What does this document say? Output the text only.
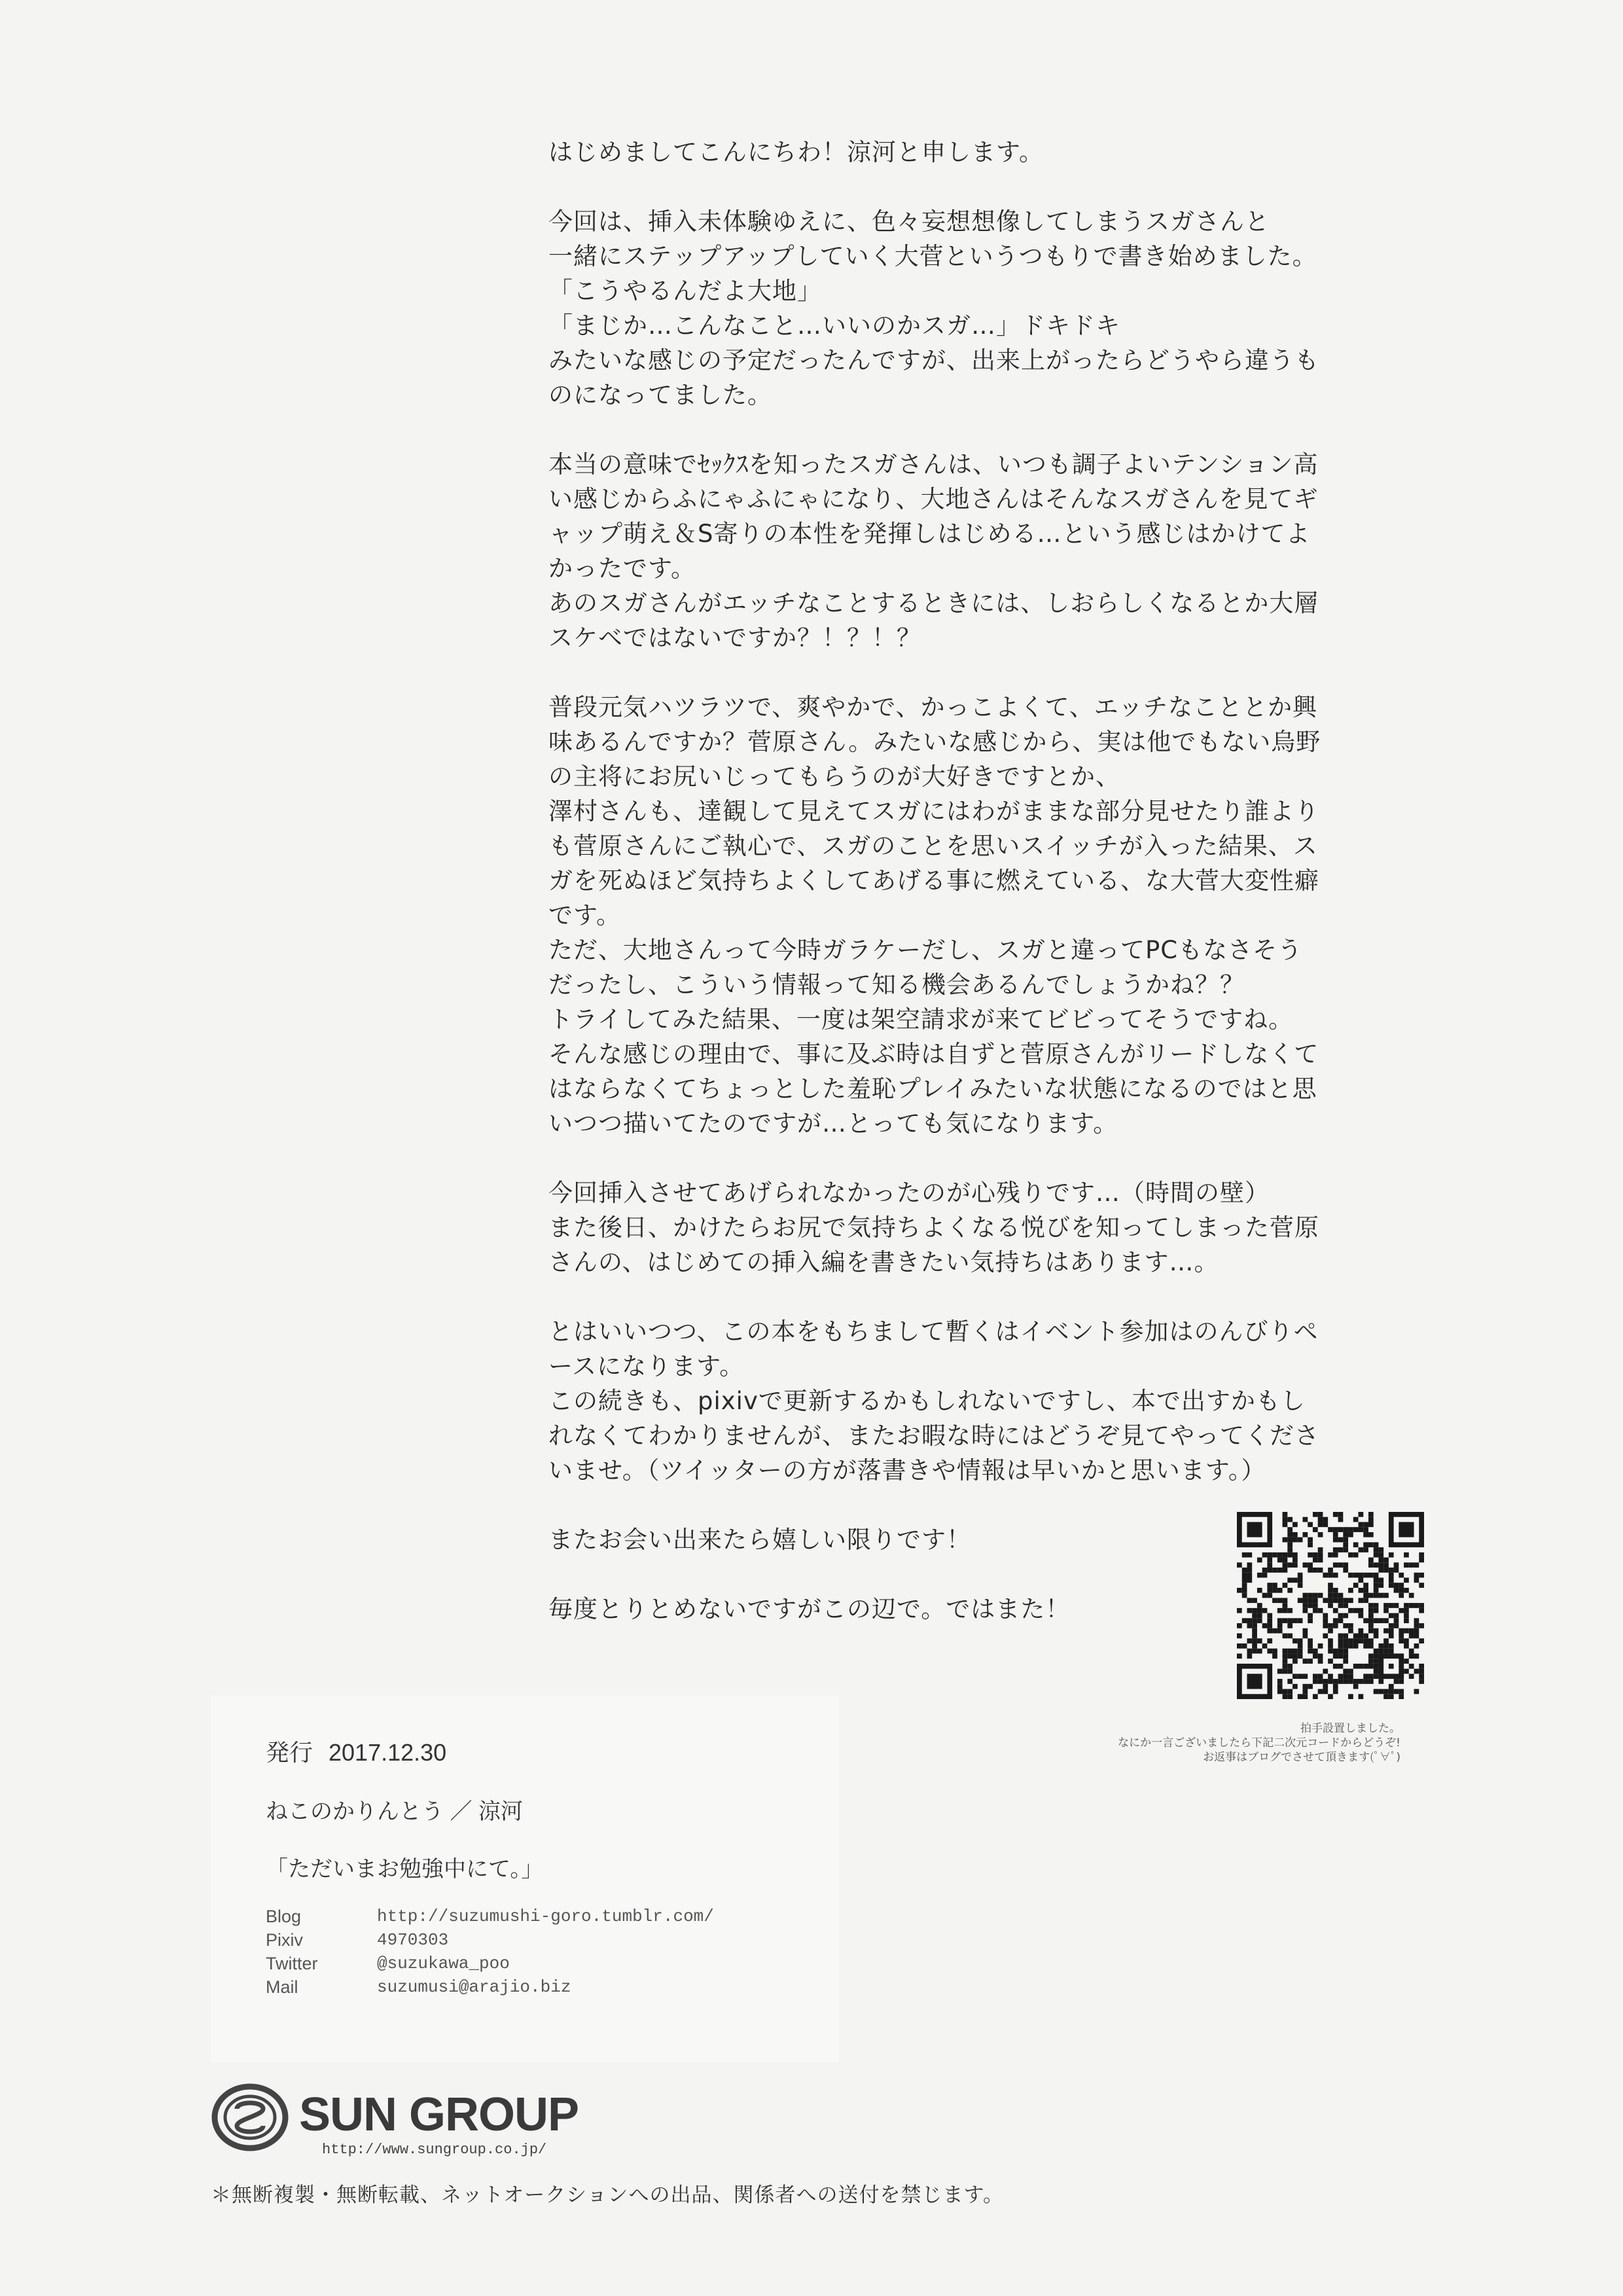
はじめましてこんにちわ！涼河と申します。
今回は、挿入未体験ゆえに、色々妄想想像してしまうスガさんと
一緒にステップアップしていく大菅というつもりで書き始めました。
「こうやるんだよ大地」
「まじか…こんなこと…いいのかスガ…」ドキドキ
みたいな感じの予定だったんですが、出来上がったらどうやら違うも
のになってました。
本当の意味でｾｯｸｽを知ったスガさんは、いつも調子よいテンション高
い感じからふにゃふにゃになり、大地さんはそんなスガさんを見てギ
ャップ萌え＆S寄りの本性を発揮しはじめる…という感じはかけてよ
かったです。
あのスガさんがエッチなことするときには、しおらしくなるとか大層
スケベではないですか？！？！？
普段元気ハツラツで、爽やかで、かっこよくて、エッチなこととか興
味あるんですか？菅原さん。みたいな感じから、実は他でもない烏野
の主将にお尻いじってもらうのが大好きですとか、
澤村さんも、達観して見えてスガにはわがままな部分見せたり誰より
も菅原さんにご執心で、スガのことを思いスイッチが入った結果、ス
ガを死ぬほど気持ちよくしてあげる事に燃えている、な大菅大変性癖
です。
ただ、大地さんって今時ガラケーだし、スガと違ってPCもなさそう
だったし、こういう情報って知る機会あるんでしょうかね？？
トライしてみた結果、一度は架空請求が来てビビってそうですね。
そんな感じの理由で、事に及ぶ時は自ずと菅原さんがリードしなくて
はならなくてちょっとした羞恥プレイみたいな状態になるのではと思
いつつ描いてたのですが…とっても気になります。
今回挿入させてあげられなかったのが心残りです…（時間の壁）
また後日、かけたらお尻で気持ちよくなる悦びを知ってしまった菅原
さんの、はじめての挿入編を書きたい気持ちはあります…。
とはいいつつ、この本をもちまして暫くはイベント参加はのんびりペ
ースになります。
この続きも、pixivで更新するかもしれないですし、本で出すかもし
れなくてわかりませんが、またお暇な時にはどうぞ見てやってくださ
いませ。（ツイッターの方が落書きや情報は早いかと思います。）
またお会い出来たら嬉しい限りです！
毎度とりとめないですがこの辺で。ではまた！
拍手設置しました。
なにか一言ございましたら下記二次元コードからどうぞ!
お返事はブログでさせて頂きます(ﾟ∀ﾟ)
発行 2017.12.30
ねこのかりんとう ／ 涼河
「ただいまお勉強中にて。」
Blog	http://suzumushi-goro.tumblr.com/
Pixiv	4970303
Twitter	@suzukawa_poo
Mail	suzumusi@arajio.biz
SUN GROUP
http://www.sungroup.co.jp/
＊無断複製・無断転載、ネットオークションへの出品、関係者への送付を禁じます。
